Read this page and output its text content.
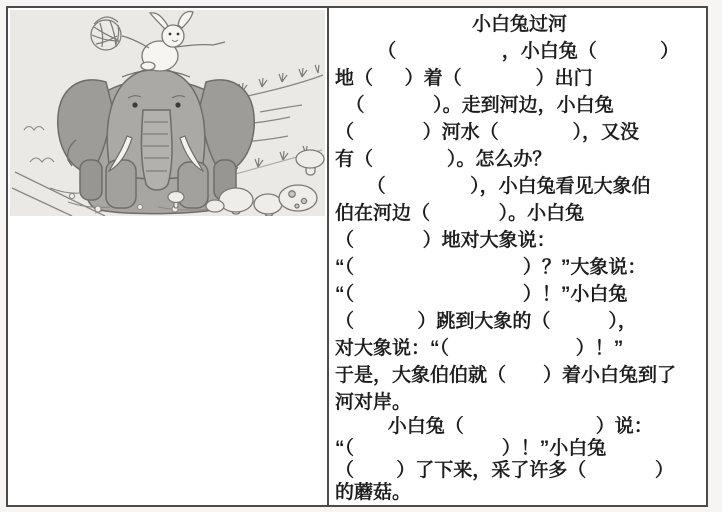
小白兔过河
（                    ，小白兔（            ）
地（      ）着（              ）出门
（             ）。走到河边，小白兔
（             ）河水（              ），又没
有（              ）。怎么办？
（                ），小白兔看见大象伯
伯在河边（             ）。小白兔
（             ）地对大象说：
“（                                ）？”大象说：
“（                                ）！”小白兔
（            ）跳到大象的（           ），
对大象说：“（                        ）！”
于是，大象伯伯就（       ）着小白兔到了
河对岸。
小白兔（                         ）说：
“（                            ）！”小白兔
（        ）了下来，采了许多（             ）
的蘑菇。
